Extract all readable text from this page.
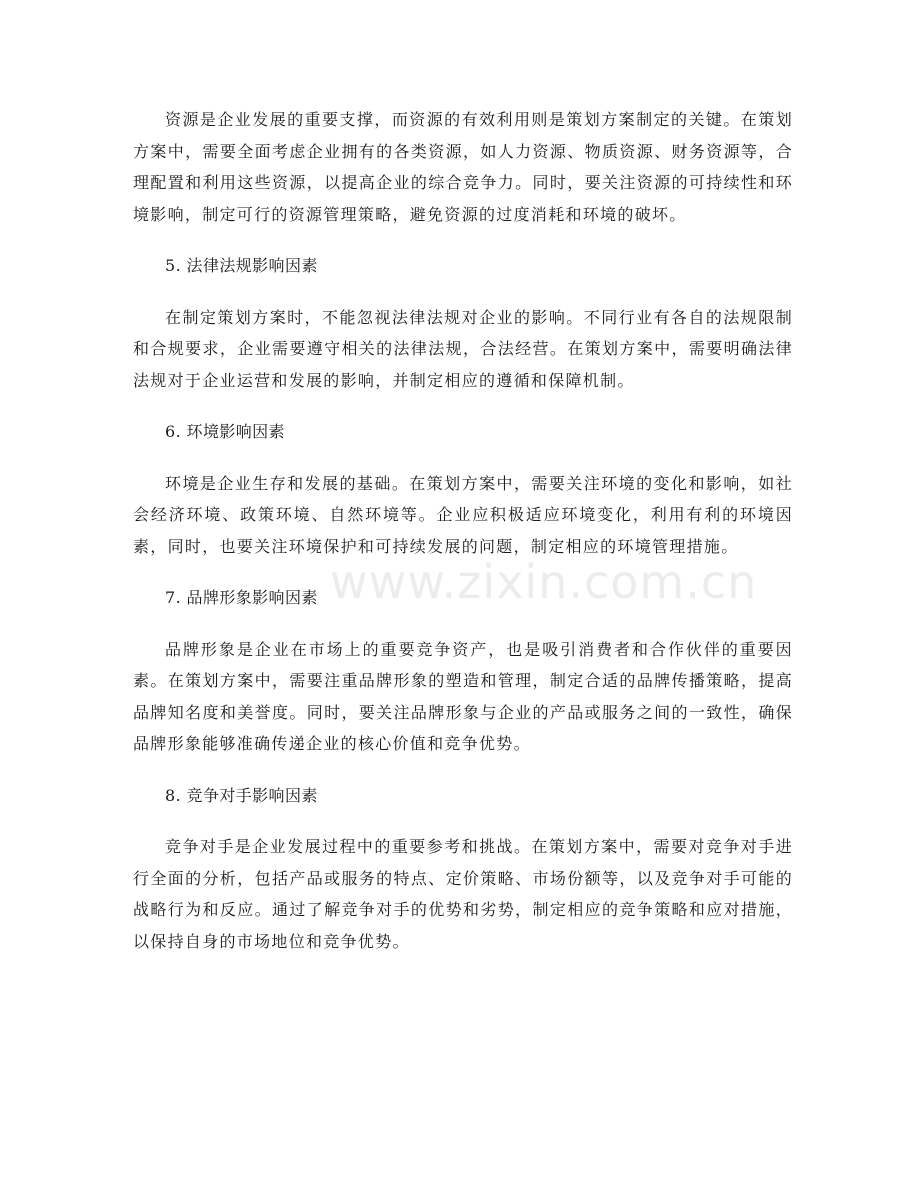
资源是企业发展的重要支撑，而资源的有效利用则是策划方案制定的关键。在策划方案中，需要全面考虑企业拥有的各类资源，如人力资源、物质资源、财务资源等，合理配置和利用这些资源，以提高企业的综合竞争力。同时，要关注资源的可持续性和环境影响，制定可行的资源管理策略，避免资源的过度消耗和环境的破坏。

5. 法律法规影响因素

在制定策划方案时，不能忽视法律法规对企业的影响。不同行业有各自的法规限制和合规要求，企业需要遵守相关的法律法规，合法经营。在策划方案中，需要明确法律法规对于企业运营和发展的影响，并制定相应的遵循和保障机制。

6. 环境影响因素

环境是企业生存和发展的基础。在策划方案中，需要关注环境的变化和影响，如社会经济环境、政策环境、自然环境等。企业应积极适应环境变化，利用有利的环境因素，同时，也要关注环境保护和可持续发展的问题，制定相应的环境管理措施。

7. 品牌形象影响因素

品牌形象是企业在市场上的重要竞争资产，也是吸引消费者和合作伙伴的重要因素。在策划方案中，需要注重品牌形象的塑造和管理，制定合适的品牌传播策略，提高品牌知名度和美誉度。同时，要关注品牌形象与企业的产品或服务之间的一致性，确保品牌形象能够准确传递企业的核心价值和竞争优势。

8. 竞争对手影响因素

竞争对手是企业发展过程中的重要参考和挑战。在策划方案中，需要对竞争对手进行全面的分析，包括产品或服务的特点、定价策略、市场份额等，以及竞争对手可能的战略行为和反应。通过了解竞争对手的优势和劣势，制定相应的竞争策略和应对措施，以保持自身的市场地位和竞争优势。

www.zixin.com.cn
